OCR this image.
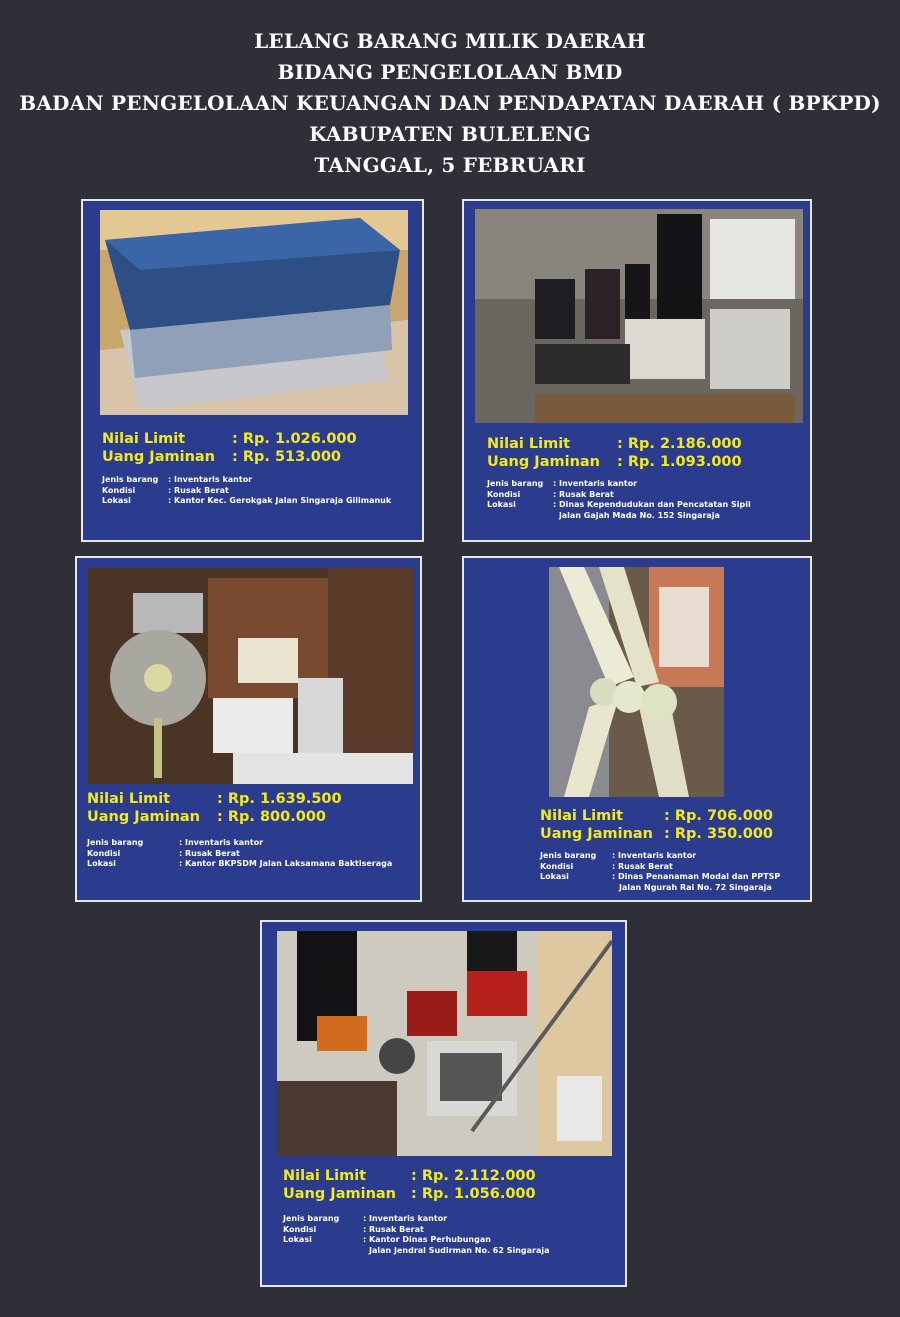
LELANG BARANG MILIK DAERAH
BIDANG PENGELOLAAN BMD
BADAN PENGELOLAAN KEUANGAN DAN PENDAPATAN DAERAH ( BPKPD)
KABUPATEN BULELENG
TANGGAL, 5 FEBRUARI
Nilai Limit	: Rp. 1.026.000
Uang Jaminan	: Rp. 513.000
Jenis barang	: Inventaris kantor
Kondisi	: Rusak Berat
Lokasi	: Kantor Kec. Gerokgak Jalan Singaraja Gilimanuk
Nilai Limit	: Rp. 2.186.000
Uang Jaminan	: Rp. 1.093.000
Jenis barang	: Inventaris kantor
Kondisi	: Rusak Berat
Lokasi	: Dinas Kependudukan dan Pencatatan Sipil
jalan Gajah Mada No. 152 Singaraja
Nilai Limit	: Rp. 1.639.500
Uang Jaminan	: Rp. 800.000
Jenis barang	: Inventaris kantor
Kondisi	: Rusak Berat
Lokasi	: Kantor BKPSDM Jalan Laksamana Baktiseraga
Nilai Limit	: Rp. 706.000
Uang Jaminan : Rp. 350.000
Jenis barang	: Inventaris kantor
Kondisi	: Rusak Berat
Lokasi	: Dinas Penanaman Modal dan PPTSP
Jalan Ngurah Rai No. 72 Singaraja
Nilai Limit	: Rp. 2.112.000
Uang Jaminan	: Rp. 1.056.000
Jenis barang	: Inventaris kantor
Kondisi	: Rusak Berat
Lokasi	: Kantor Dinas Perhubungan
Jalan Jendral Sudirman No. 62 Singaraja
